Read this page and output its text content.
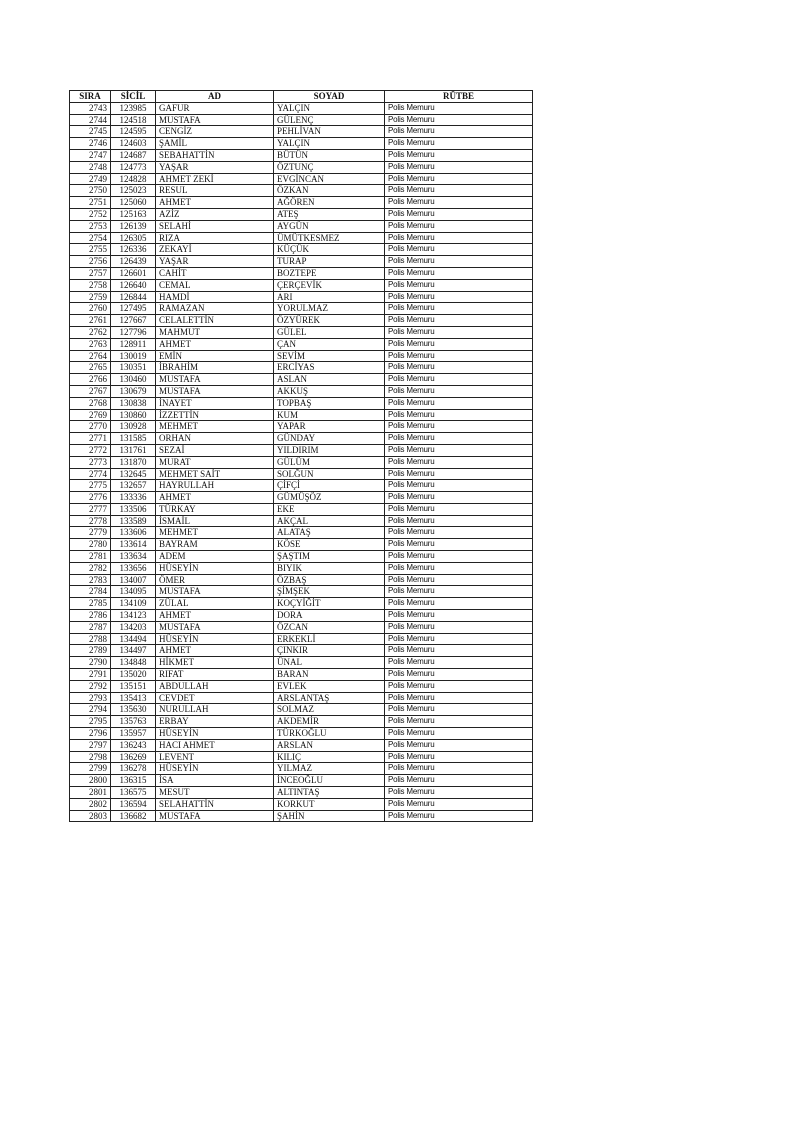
SIRA	SİCİL	AD	SOYAD	RÜTBE
2743	123985	GAFUR	YALÇIN	Polis Memuru
2744	124518	MUSTAFA	GÜLENÇ	Polis Memuru
2745	124595	CENGİZ	PEHLİVAN	Polis Memuru
2746	124603	ŞAMİL	YALÇIN	Polis Memuru
2747	124687	SEBAHATTİN	BÜTÜN	Polis Memuru
2748	124773	YAŞAR	ÖZTUNÇ	Polis Memuru
2749	124828	AHMET ZEKİ	EVGİNCAN	Polis Memuru
2750	125023	RESUL	ÖZKAN	Polis Memuru
2751	125060	AHMET	AĞÖREN	Polis Memuru
2752	125163	AZİZ	ATEŞ	Polis Memuru
2753	126139	SELAHİ	AYGÜN	Polis Memuru
2754	126305	RIZA	ÜMÜTKESMEZ	Polis Memuru
2755	126336	ZEKAYİ	KÜÇÜK	Polis Memuru
2756	126439	YAŞAR	TURAP	Polis Memuru
2757	126601	CAHİT	BOZTEPE	Polis Memuru
2758	126640	CEMAL	ÇERÇEVİK	Polis Memuru
2759	126844	HAMDİ	ARI	Polis Memuru
2760	127495	RAMAZAN	YORULMAZ	Polis Memuru
2761	127667	CELALETTİN	ÖZYÜREK	Polis Memuru
2762	127796	MAHMUT	GÜLEL	Polis Memuru
2763	128911	AHMET	ÇAN	Polis Memuru
2764	130019	EMİN	SEVİM	Polis Memuru
2765	130351	İBRAHİM	ERCİYAS	Polis Memuru
2766	130460	MUSTAFA	ASLAN	Polis Memuru
2767	130679	MUSTAFA	AKKUŞ	Polis Memuru
2768	130838	İNAYET	TOPBAŞ	Polis Memuru
2769	130860	İZZETTİN	KUM	Polis Memuru
2770	130928	MEHMET	YAPAR	Polis Memuru
2771	131585	ORHAN	GÜNDAY	Polis Memuru
2772	131761	SEZAİ	YILDIRIM	Polis Memuru
2773	131870	MURAT	GÜLÜM	Polis Memuru
2774	132645	MEHMET SAİT	SOLĞUN	Polis Memuru
2775	132657	HAYRULLAH	ÇİFÇİ	Polis Memuru
2776	133336	AHMET	GÜMÜŞÖZ	Polis Memuru
2777	133506	TÜRKAY	EKE	Polis Memuru
2778	133589	İSMAİL	AKÇAL	Polis Memuru
2779	133606	MEHMET	ALATAŞ	Polis Memuru
2780	133614	BAYRAM	KÖSE	Polis Memuru
2781	133634	ADEM	ŞAŞTIM	Polis Memuru
2782	133656	HÜSEYİN	BIYIK	Polis Memuru
2783	134007	ÖMER	ÖZBAŞ	Polis Memuru
2784	134095	MUSTAFA	ŞİMŞEK	Polis Memuru
2785	134109	ZÜLAL	KOÇYİĞİT	Polis Memuru
2786	134123	AHMET	DORA	Polis Memuru
2787	134203	MUSTAFA	ÖZCAN	Polis Memuru
2788	134494	HÜSEYİN	ERKEKLİ	Polis Memuru
2789	134497	AHMET	ÇINKIR	Polis Memuru
2790	134848	HİKMET	ÜNAL	Polis Memuru
2791	135020	RIFAT	BARAN	Polis Memuru
2792	135151	ABDULLAH	EVLEK	Polis Memuru
2793	135413	CEVDET	ARSLANTAŞ	Polis Memuru
2794	135630	NURULLAH	SOLMAZ	Polis Memuru
2795	135763	ERBAY	AKDEMİR	Polis Memuru
2796	135957	HÜSEYİN	TÜRKOĞLU	Polis Memuru
2797	136243	HACI AHMET	ARSLAN	Polis Memuru
2798	136269	LEVENT	KILIÇ	Polis Memuru
2799	136278	HÜSEYİN	YILMAZ	Polis Memuru
2800	136315	İSA	İNCEOĞLU	Polis Memuru
2801	136575	MESUT	ALTINTAŞ	Polis Memuru
2802	136594	SELAHATTİN	KORKUT	Polis Memuru
2803	136682	MUSTAFA	ŞAHİN	Polis Memuru
